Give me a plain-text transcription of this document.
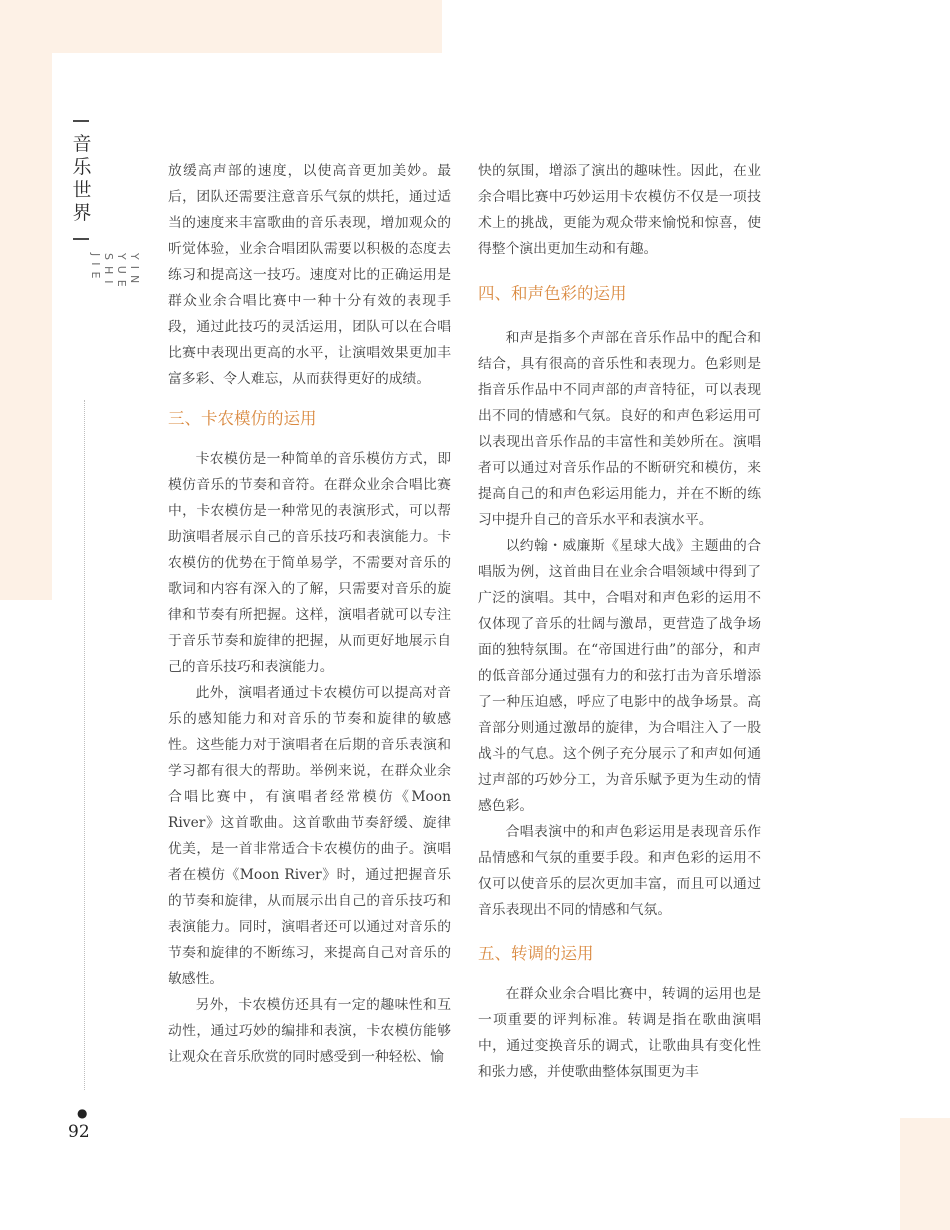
音乐世界
YIN YUE SHI JIE
●
92

放缓高声部的速度，以使高音更加美妙。最后，团队还需要注意音乐气氛的烘托，通过适当的速度来丰富歌曲的音乐表现，增加观众的听觉体验，业余合唱团队需要以积极的态度去练习和提高这一技巧。速度对比的正确运用是群众业余合唱比赛中一种十分有效的表现手段，通过此技巧的灵活运用，团队可以在合唱比赛中表现出更高的水平，让演唱效果更加丰富多彩、令人难忘，从而获得更好的成绩。

三、卡农模仿的运用

卡农模仿是一种简单的音乐模仿方式，即模仿音乐的节奏和音符。在群众业余合唱比赛中，卡农模仿是一种常见的表演形式，可以帮助演唱者展示自己的音乐技巧和表演能力。卡农模仿的优势在于简单易学，不需要对音乐的歌词和内容有深入的了解，只需要对音乐的旋律和节奏有所把握。这样，演唱者就可以专注于音乐节奏和旋律的把握，从而更好地展示自己的音乐技巧和表演能力。

此外，演唱者通过卡农模仿可以提高对音乐的感知能力和对音乐的节奏和旋律的敏感性。这些能力对于演唱者在后期的音乐表演和学习都有很大的帮助。举例来说，在群众业余合唱比赛中，有演唱者经常模仿《Moon River》这首歌曲。这首歌曲节奏舒缓、旋律优美，是一首非常适合卡农模仿的曲子。演唱者在模仿《Moon River》时，通过把握音乐的节奏和旋律，从而展示出自己的音乐技巧和表演能力。同时，演唱者还可以通过对音乐的节奏和旋律的不断练习，来提高自己对音乐的敏感性。

另外，卡农模仿还具有一定的趣味性和互动性，通过巧妙的编排和表演，卡农模仿能够让观众在音乐欣赏的同时感受到一种轻松、愉

快的氛围，增添了演出的趣味性。因此，在业余合唱比赛中巧妙运用卡农模仿不仅是一项技术上的挑战，更能为观众带来愉悦和惊喜，使得整个演出更加生动和有趣。

四、和声色彩的运用

和声是指多个声部在音乐作品中的配合和结合，具有很高的音乐性和表现力。色彩则是指音乐作品中不同声部的声音特征，可以表现出不同的情感和气氛。良好的和声色彩运用可以表现出音乐作品的丰富性和美妙所在。演唱者可以通过对音乐作品的不断研究和模仿，来提高自己的和声色彩运用能力，并在不断的练习中提升自己的音乐水平和表演水平。

以约翰・威廉斯《星球大战》主题曲的合唱版为例，这首曲目在业余合唱领域中得到了广泛的演唱。其中，合唱对和声色彩的运用不仅体现了音乐的壮阔与激昂，更营造了战争场面的独特氛围。在“帝国进行曲”的部分，和声的低音部分通过强有力的和弦打击为音乐增添了一种压迫感，呼应了电影中的战争场景。高音部分则通过激昂的旋律，为合唱注入了一股战斗的气息。这个例子充分展示了和声如何通过声部的巧妙分工，为音乐赋予更为生动的情感色彩。

合唱表演中的和声色彩运用是表现音乐作品情感和气氛的重要手段。和声色彩的运用不仅可以使音乐的层次更加丰富，而且可以通过音乐表现出不同的情感和气氛。

五、转调的运用

在群众业余合唱比赛中，转调的运用也是一项重要的评判标准。转调是指在歌曲演唱中，通过变换音乐的调式，让歌曲具有变化性和张力感，并使歌曲整体氛围更为丰
